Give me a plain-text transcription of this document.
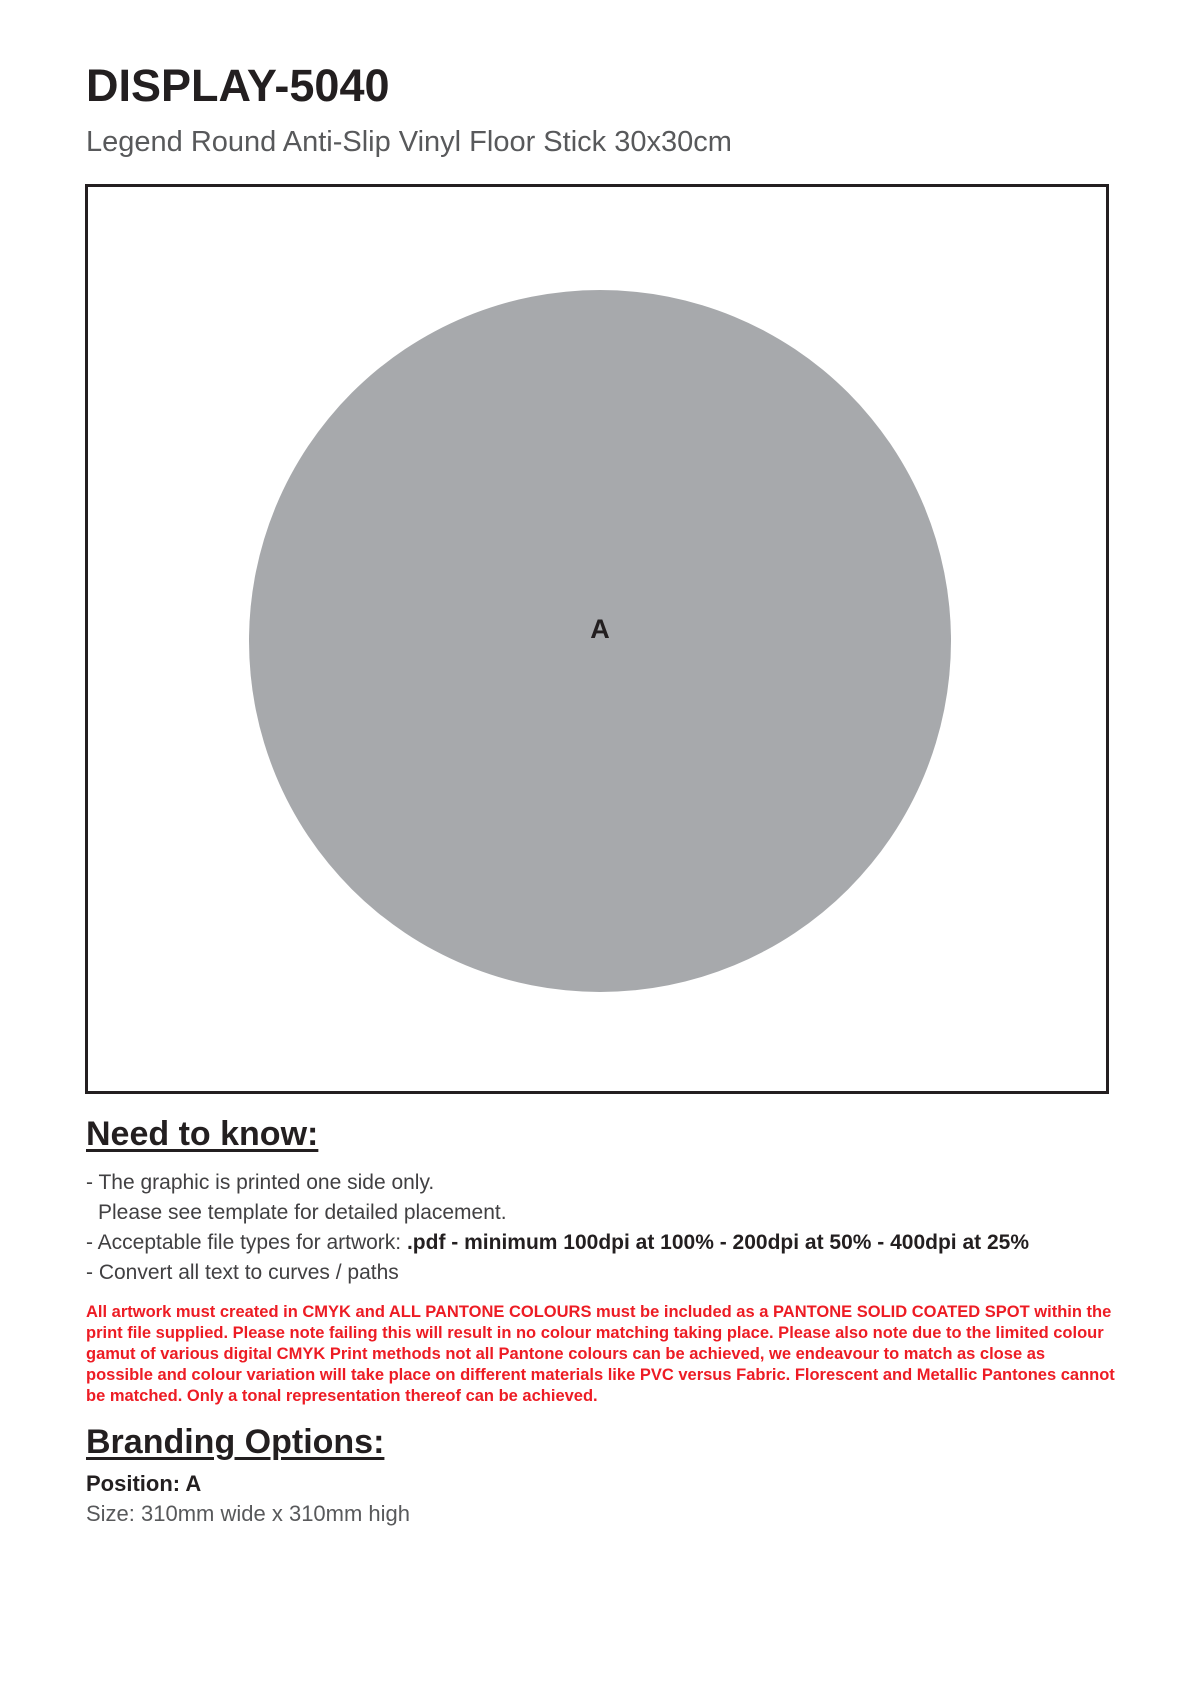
DISPLAY-5040

Legend Round Anti-Slip Vinyl Floor Stick 30x30cm

A
Need to know:
- The graphic is printed one side only.
Please see template for detailed placement.
- Acceptable file types for artwork: .pdf - minimum 100dpi at 100% - 200dpi at 50% - 400dpi at 25%
- Convert all text to curves / paths

All artwork must created in CMYK and ALL PANTONE COLOURS must be included as a PANTONE SOLID COATED SPOT within the print file supplied. Please note failing this will result in no colour matching taking place. Please also note due to the limited colour gamut of various digital CMYK Print methods not all Pantone colours can be achieved, we endeavour to match as close as possible and colour variation will take place on different materials like PVC versus Fabric. Florescent and Metallic Pantones cannot be matched. Only a tonal representation thereof can be achieved.

Branding Options:

Position: A

Size: 310mm wide x 310mm high
